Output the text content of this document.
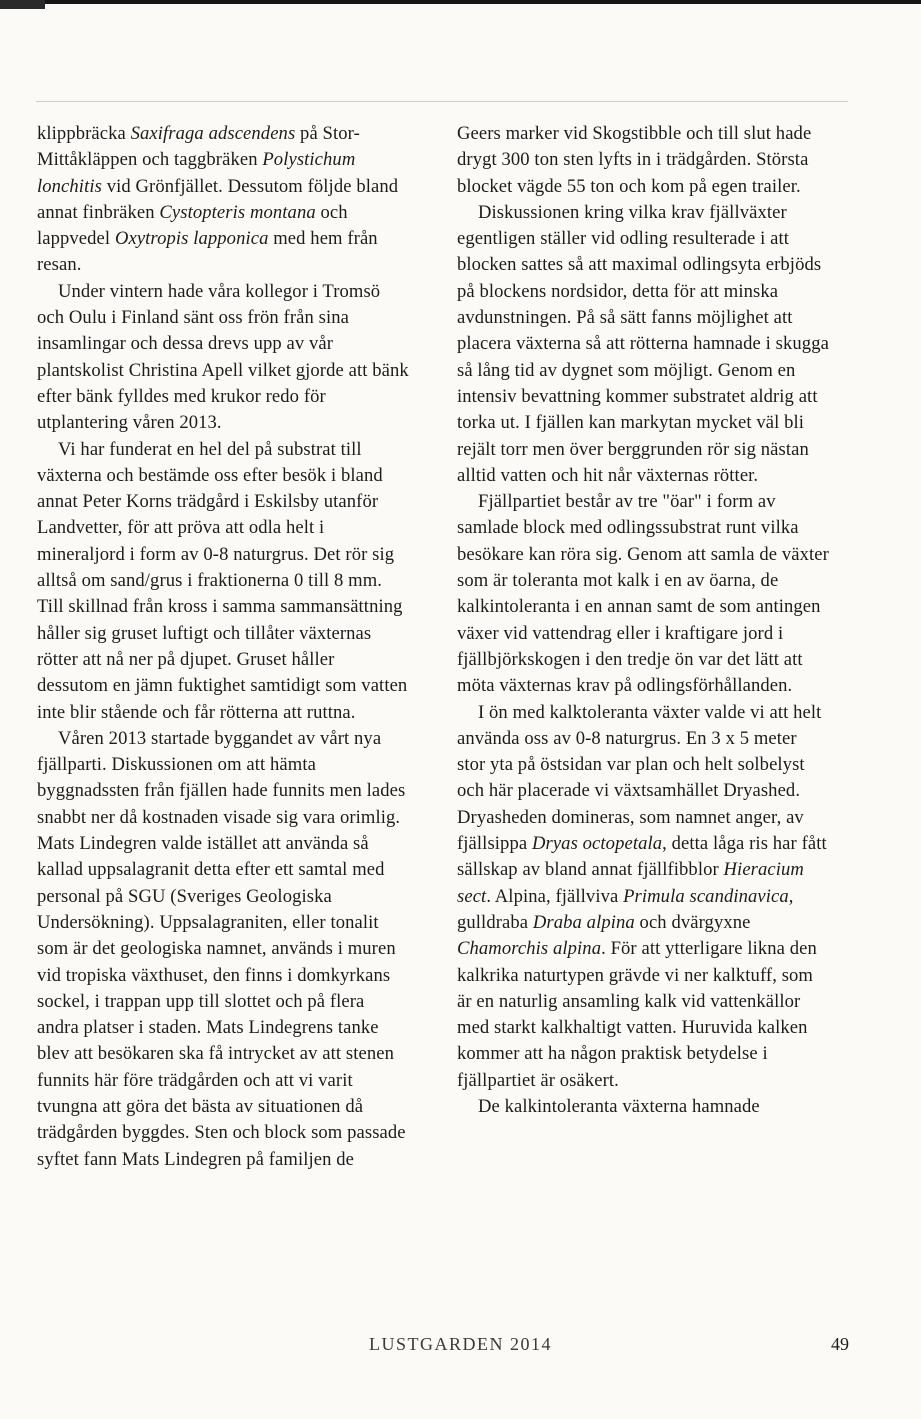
klippbräcka Saxifraga adscendens på Stor-Mittåkläppen och taggbräken Polystichum lonchitis vid Grönfjället. Dessutom följde bland annat finbräken Cystopteris montana och lappvedel Oxytropis lapponica med hem från resan.

Under vintern hade våra kollegor i Tromsö och Oulu i Finland sänt oss frön från sina insamlingar och dessa drevs upp av vår plantskolist Christina Apell vilket gjorde att bänk efter bänk fylldes med krukor redo för utplantering våren 2013.

Vi har funderat en hel del på substrat till växterna och bestämde oss efter besök i bland annat Peter Korns trädgård i Eskilsby utanför Landvetter, för att pröva att odla helt i mineraljord i form av 0-8 naturgrus. Det rör sig alltså om sand/grus i fraktionerna 0 till 8 mm. Till skillnad från kross i samma sammansättning håller sig gruset luftigt och tillåter växternas rötter att nå ner på djupet. Gruset håller dessutom en jämn fuktighet samtidigt som vatten inte blir stående och får rötterna att ruttna.

Våren 2013 startade byggandet av vårt nya fjällparti. Diskussionen om att hämta byggnadssten från fjällen hade funnits men lades snabbt ner då kostnaden visade sig vara orimlig. Mats Lindegren valde istället att använda så kallad uppsalagranit detta efter ett samtal med personal på SGU (Sveriges Geologiska Undersökning). Uppsalagraniten, eller tonalit som är det geologiska namnet, används i muren vid tropiska växthuset, den finns i domkyrkans sockel, i trappan upp till slottet och på flera andra platser i staden. Mats Lindegrens tanke blev att besökaren ska få intrycket av att stenen funnits här före trädgården och att vi varit tvungna att göra det bästa av situationen då trädgården byggdes. Sten och block som passade syftet fann Mats Lindegren på familjen de

Geers marker vid Skogstibble och till slut hade drygt 300 ton sten lyfts in i trädgården. Största blocket vägde 55 ton och kom på egen trailer.

Diskussionen kring vilka krav fjällväxter egentligen ställer vid odling resulterade i att blocken sattes så att maximal odlingsyta erbjöds på blockens nordsidor, detta för att minska avdunstningen. På så sätt fanns möjlighet att placera växterna så att rötterna hamnade i skugga så lång tid av dygnet som möjligt. Genom en intensiv bevattning kommer substratet aldrig att torka ut. I fjällen kan markytan mycket väl bli rejält torr men över berggrunden rör sig nästan alltid vatten och hit når växternas rötter.

Fjällpartiet består av tre "öar" i form av samlade block med odlingssubstrat runt vilka besökare kan röra sig. Genom att samla de växter som är toleranta mot kalk i en av öarna, de kalkintoleranta i en annan samt de som antingen växer vid vattendrag eller i kraftigare jord i fjällbjörkskogen i den tredje ön var det lätt att möta växternas krav på odlingsförhållanden.

I ön med kalktoleranta växter valde vi att helt använda oss av 0-8 naturgrus. En 3 x 5 meter stor yta på östsidan var plan och helt solbelyst och här placerade vi växtsamhället Dryashed. Dryasheden domineras, som namnet anger, av fjällsippa Dryas octopetala, detta låga ris har fått sällskap av bland annat fjällfibblor Hieracium sect. Alpina, fjällviva Primula scandinavica, gulldraba Draba alpina och dvärgyxne Chamorchis alpina. För att ytterligare likna den kalkrika naturtypen grävde vi ner kalktuff, som är en naturlig ansamling kalk vid vattenkällor med starkt kalkhaltigt vatten. Huruvida kalken kommer att ha någon praktisk betydelse i fjällpartiet är osäkert.

De kalkintoleranta växterna hamnade

LUSTGARDEN 2014	49
